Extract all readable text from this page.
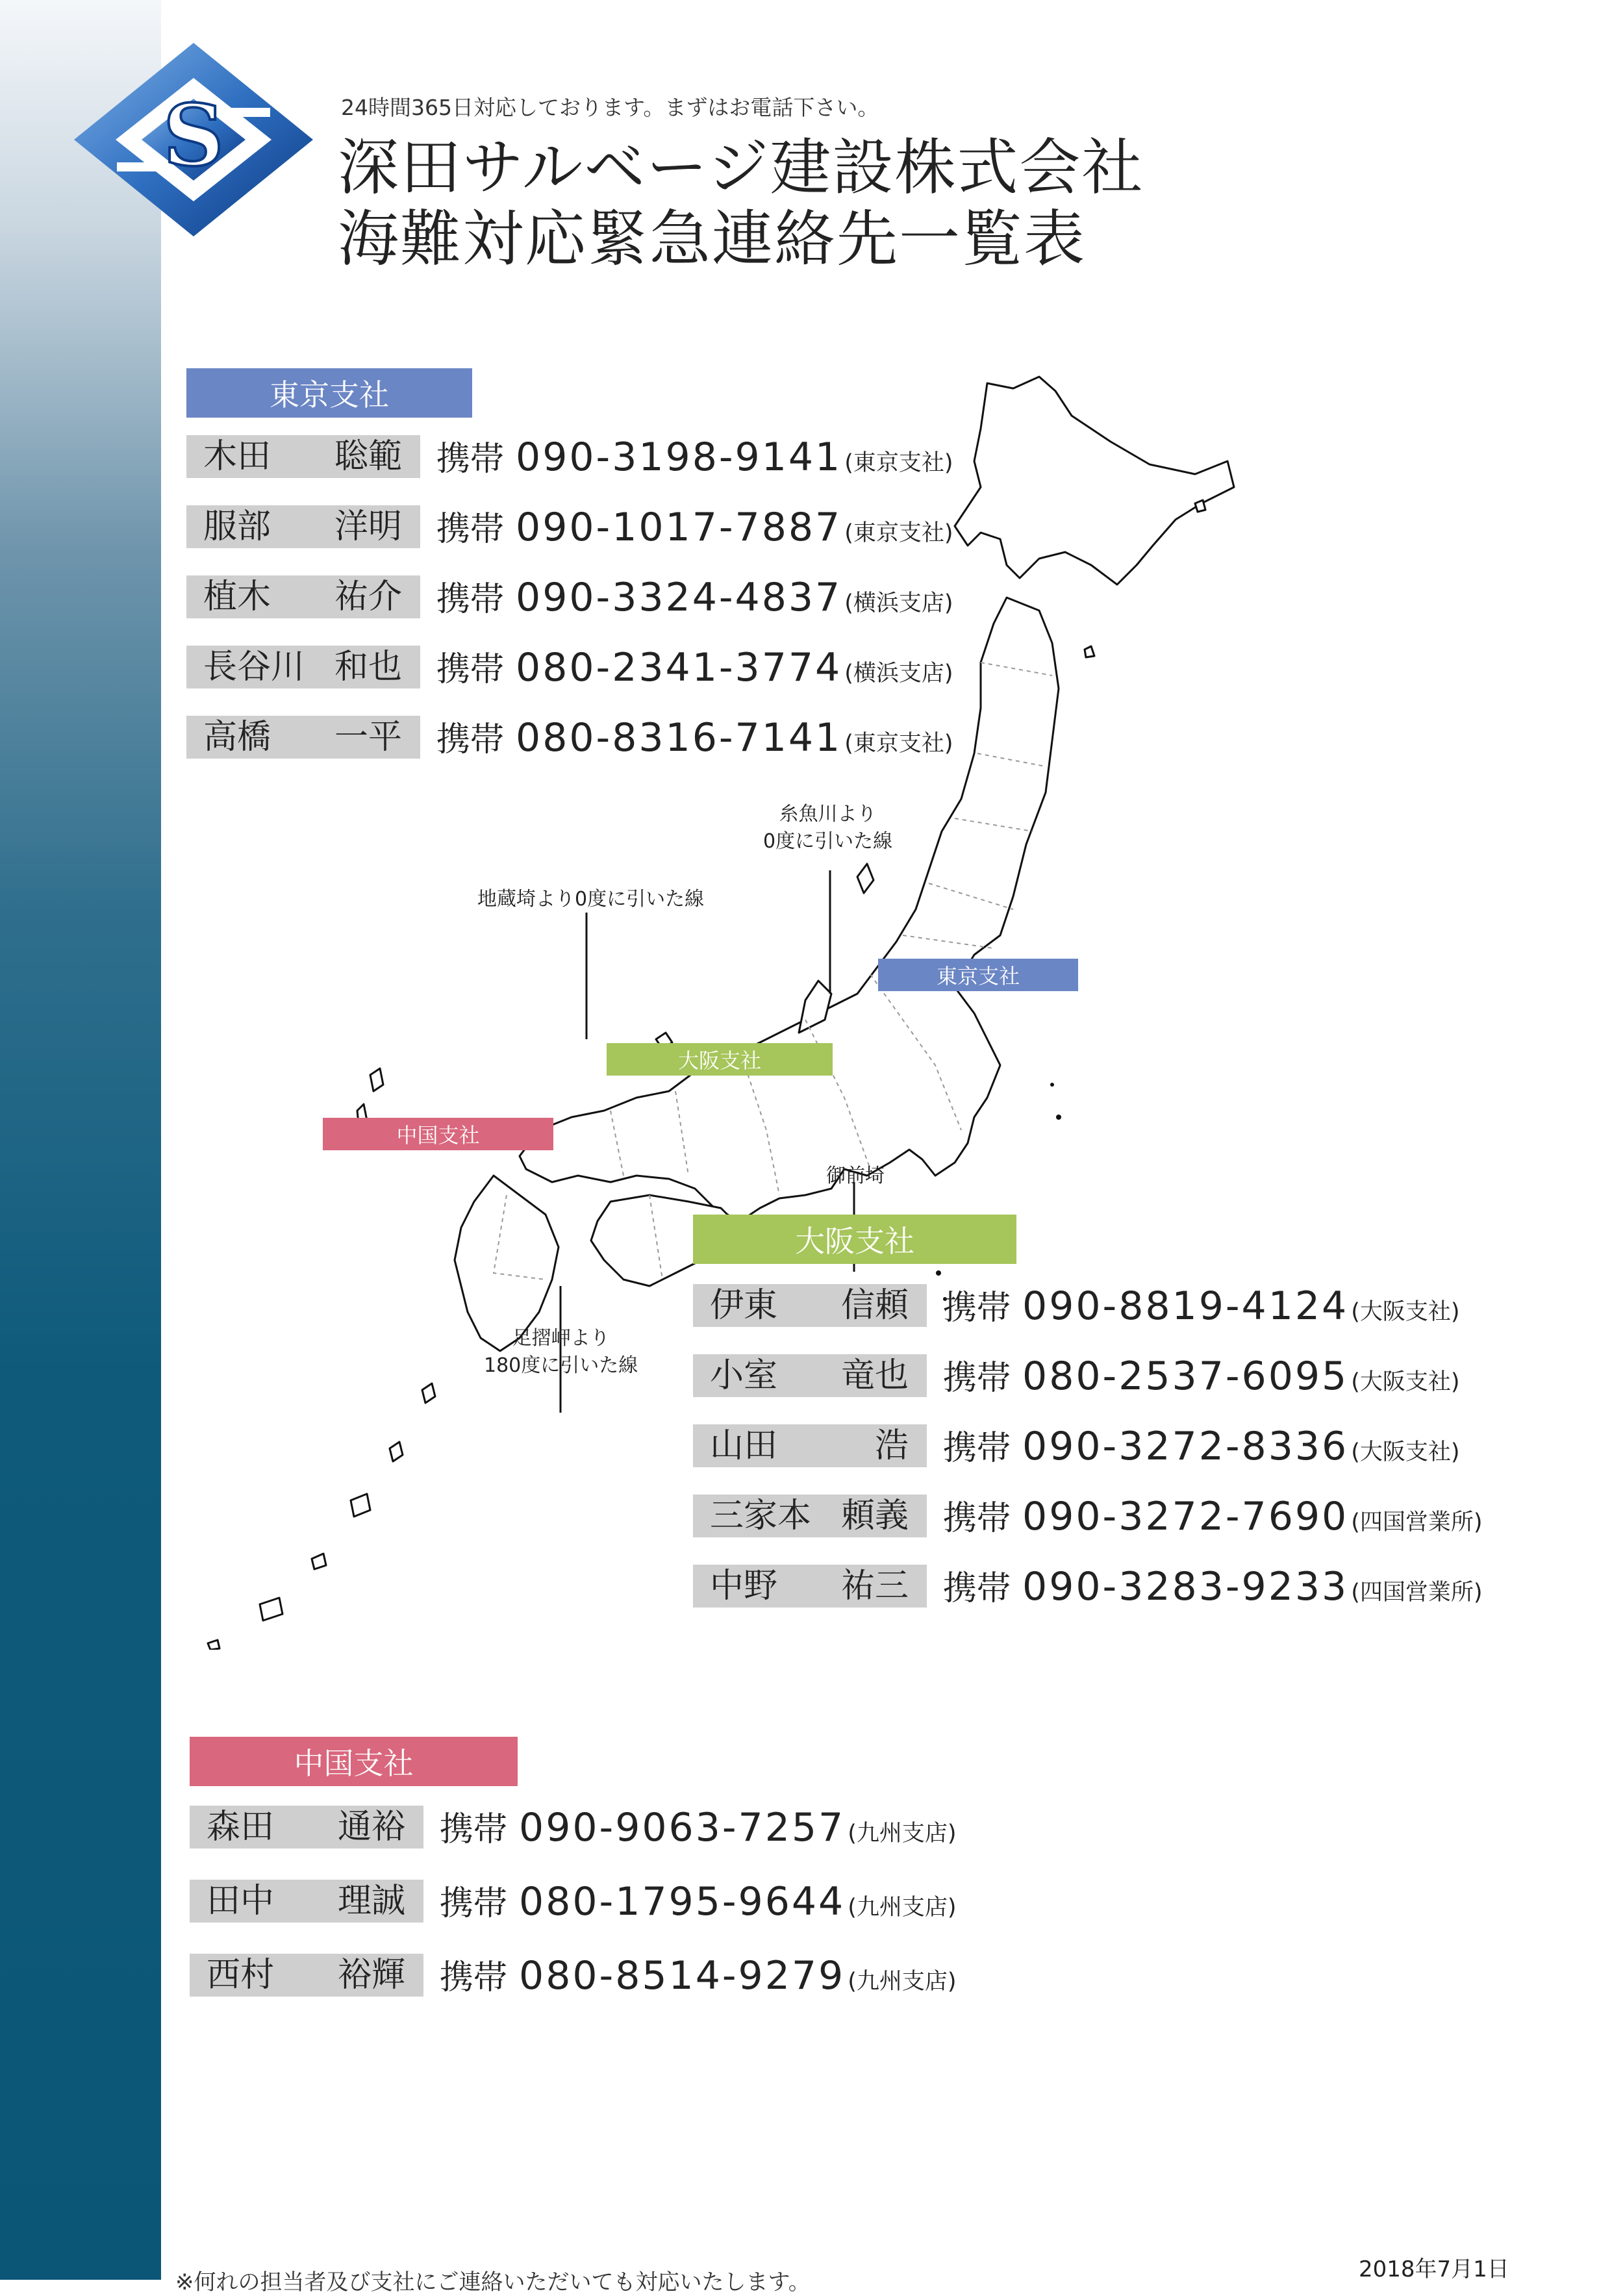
S	24時間365日対応しております。まずはお電話下さい。
深田サルベージ建設株式会社
海難対応緊急連絡先一覧表
糸魚川より
0度に引いた線
地蔵埼より0度に引いた線
御前埼
足摺岬より
180度に引いた線
東京支社
大阪支社
中国支社
東京支社
木田 聡範 携帯 090-3198-9141 (東京支社)
服部 洋明 携帯 090-1017-7887 (東京支社)
植木 祐介 携帯 090-3324-4837 (横浜支店)
長谷川 和也 携帯 080-2341-3774 (横浜支店)
高橋 一平 携帯 080-8316-7141 (東京支社)
大阪支社
伊東 信頼 携帯 090-8819-4124 (大阪支社)
小室 竜也 携帯 080-2537-6095 (大阪支社)
山田	浩 携帯 090-3272-8336 (大阪支社)
三家本 頼義 携帯 090-3272-7690 (四国営業所)
中野 祐三 携帯 090-3283-9233 (四国営業所)
中国支社
森田 通裕 携帯 090-9063-7257 (九州支店)
田中 理誠 携帯 080-1795-9644 (九州支店)
西村 裕輝 携帯 080-8514-9279 (九州支店)
※何れの担当者及び支社にご連絡いただいても対応いたします。	2018年7月1日
